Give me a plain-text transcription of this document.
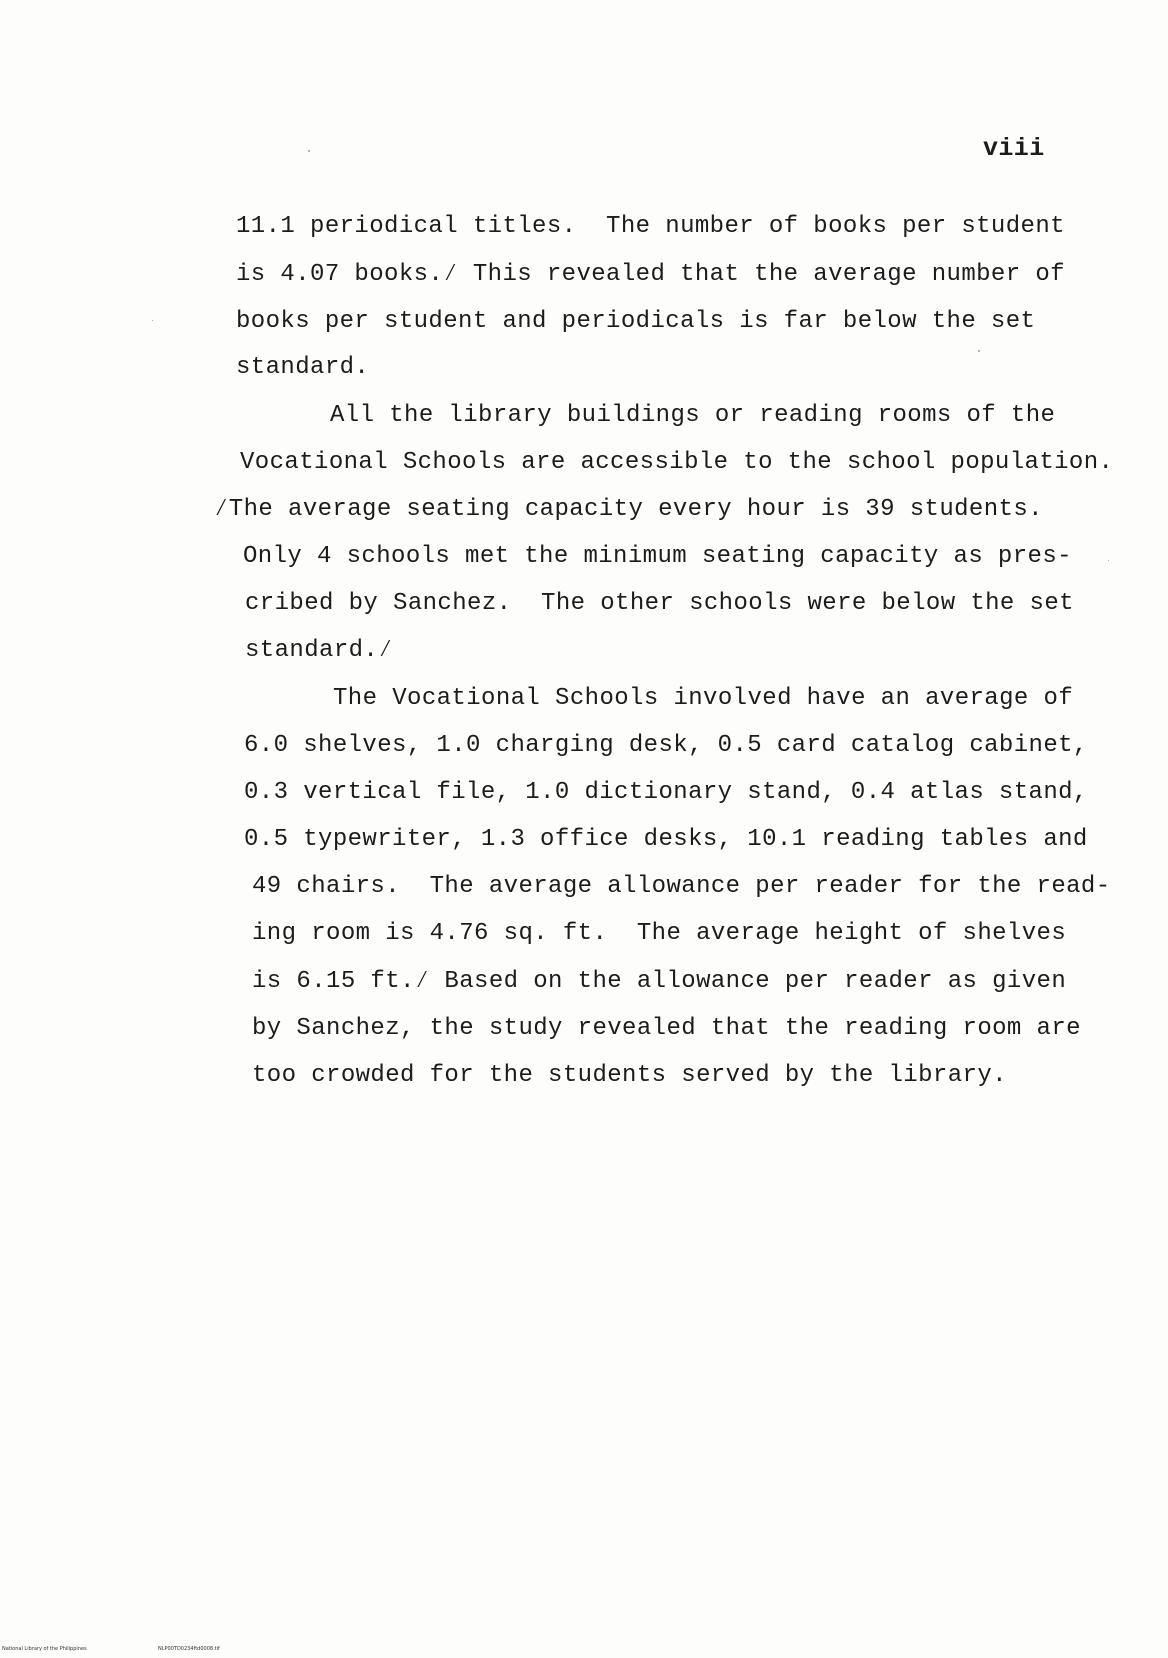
viii
11.1 periodical titles.  The number of books per student
is 4.07 books.⁄ This revealed that the average number of
books per student and periodicals is far below the set
standard.
All the library buildings or reading rooms of the
Vocational Schools are accessible to the school population.
⁄The average seating capacity every hour is 39 students.
Only 4 schools met the minimum seating capacity as pres-
cribed by Sanchez.  The other schools were below the set
standard.⁄
The Vocational Schools involved have an average of
6.0 shelves, 1.0 charging desk, 0.5 card catalog cabinet,
0.3 vertical file, 1.0 dictionary stand, 0.4 atlas stand,
0.5 typewriter, 1.3 office desks, 10.1 reading tables and
49 chairs.  The average allowance per reader for the read-
ing room is 4.76 sq. ft.  The average height of shelves
is 6.15 ft.⁄ Based on the allowance per reader as given
by Sanchez, the study revealed that the reading room are
too crowded for the students served by the library.
National Library of the Philippines	NLP00TD0234ftd0008.tif
